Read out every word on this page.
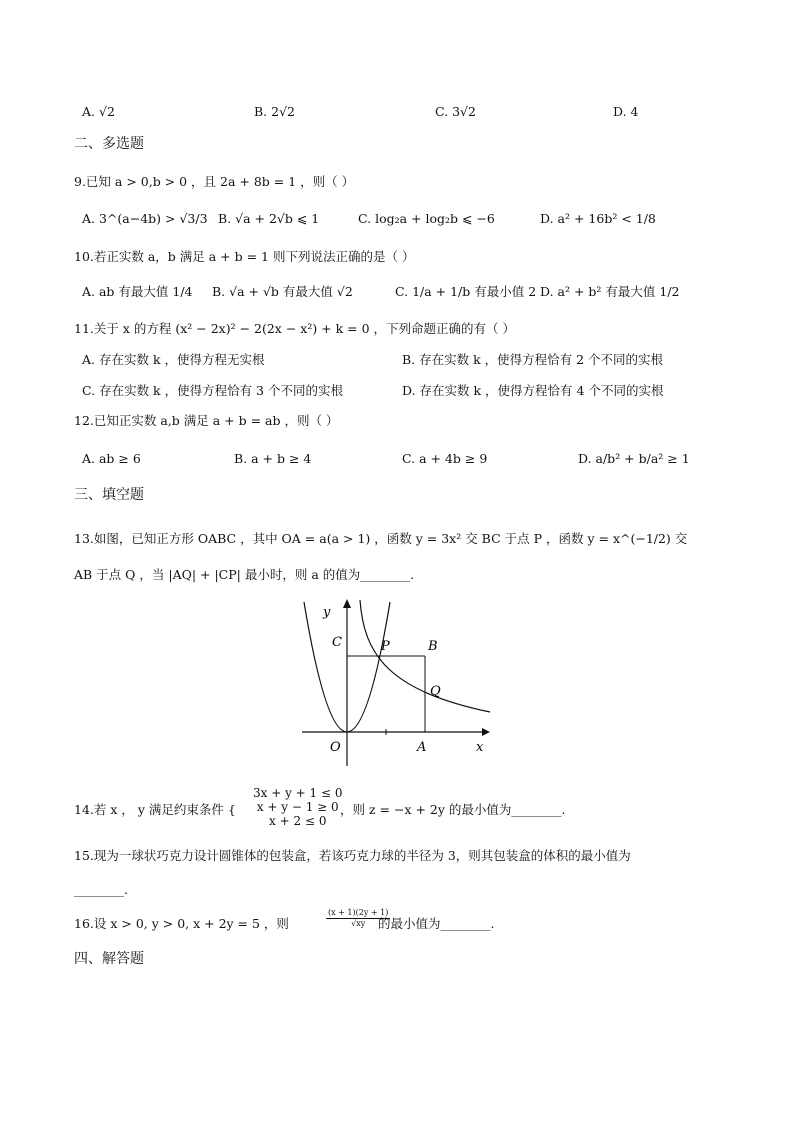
A. √2	B. 2√2	C. 3√2	D. 4
二、多选题
9.已知 a > 0,b > 0 ，且 2a + 8b = 1 ，则（ ）
A. 3^(a−4b) > √3/3 B. √a + 2√b ⩽ 1	C. log₂a + log₂b ⩽ −6	D. a² + 16b² < 1/8
10.若正实数 a，b 满足 a + b = 1 则下列说法正确的是（ ）
A. ab 有最大值 1/4 B. √a + √b 有最大值 √2	C. 1/a + 1/b 有最小值 2 D. a² + b² 有最大值 1/2
11.关于 x 的方程 (x² − 2x)² − 2(2x − x²) + k = 0 ，下列命题正确的有（ ）
A. 存在实数 k ，使得方程无实根	B. 存在实数 k ，使得方程恰有 2 个不同的实根
C. 存在实数 k ，使得方程恰有 3 个不同的实根	D. 存在实数 k ，使得方程恰有 4 个不同的实根
12.已知正实数 a,b 满足 a + b = ab ，则（ ）
A. ab ≥ 6	B. a + b ≥ 4	C. a + 4b ≥ 9	D. a/b² + b/a² ≥ 1
三、填空题
13.如图，已知正方形 OABC ，其中 OA = a(a > 1) ，函数 y = 3x² 交 BC 于点 P ，函数 y = x^(−1/2) 交
AB 于点 Q ，当 |AQ| + |CP| 最小时，则 a 的值为________.
y
x
O	A
B
C	P
Q
14.若 x ， y 满足约束条件 {
3x + y + 1 ≤ 0
x + y − 1 ≥ 0
x + 2 ≤ 0
，则 z = −x + 2y 的最小值为________.
15.现为一球状巧克力设计圆锥体的包装盒，若该巧克力球的半径为 3，则其包装盒的体积的最小值为
________.
16.设 x > 0, y > 0, x + 2y = 5 ，则	$\frac{(x + 1)(2y + 1)}{√xy}$
的最小值为________.
四、解答题
